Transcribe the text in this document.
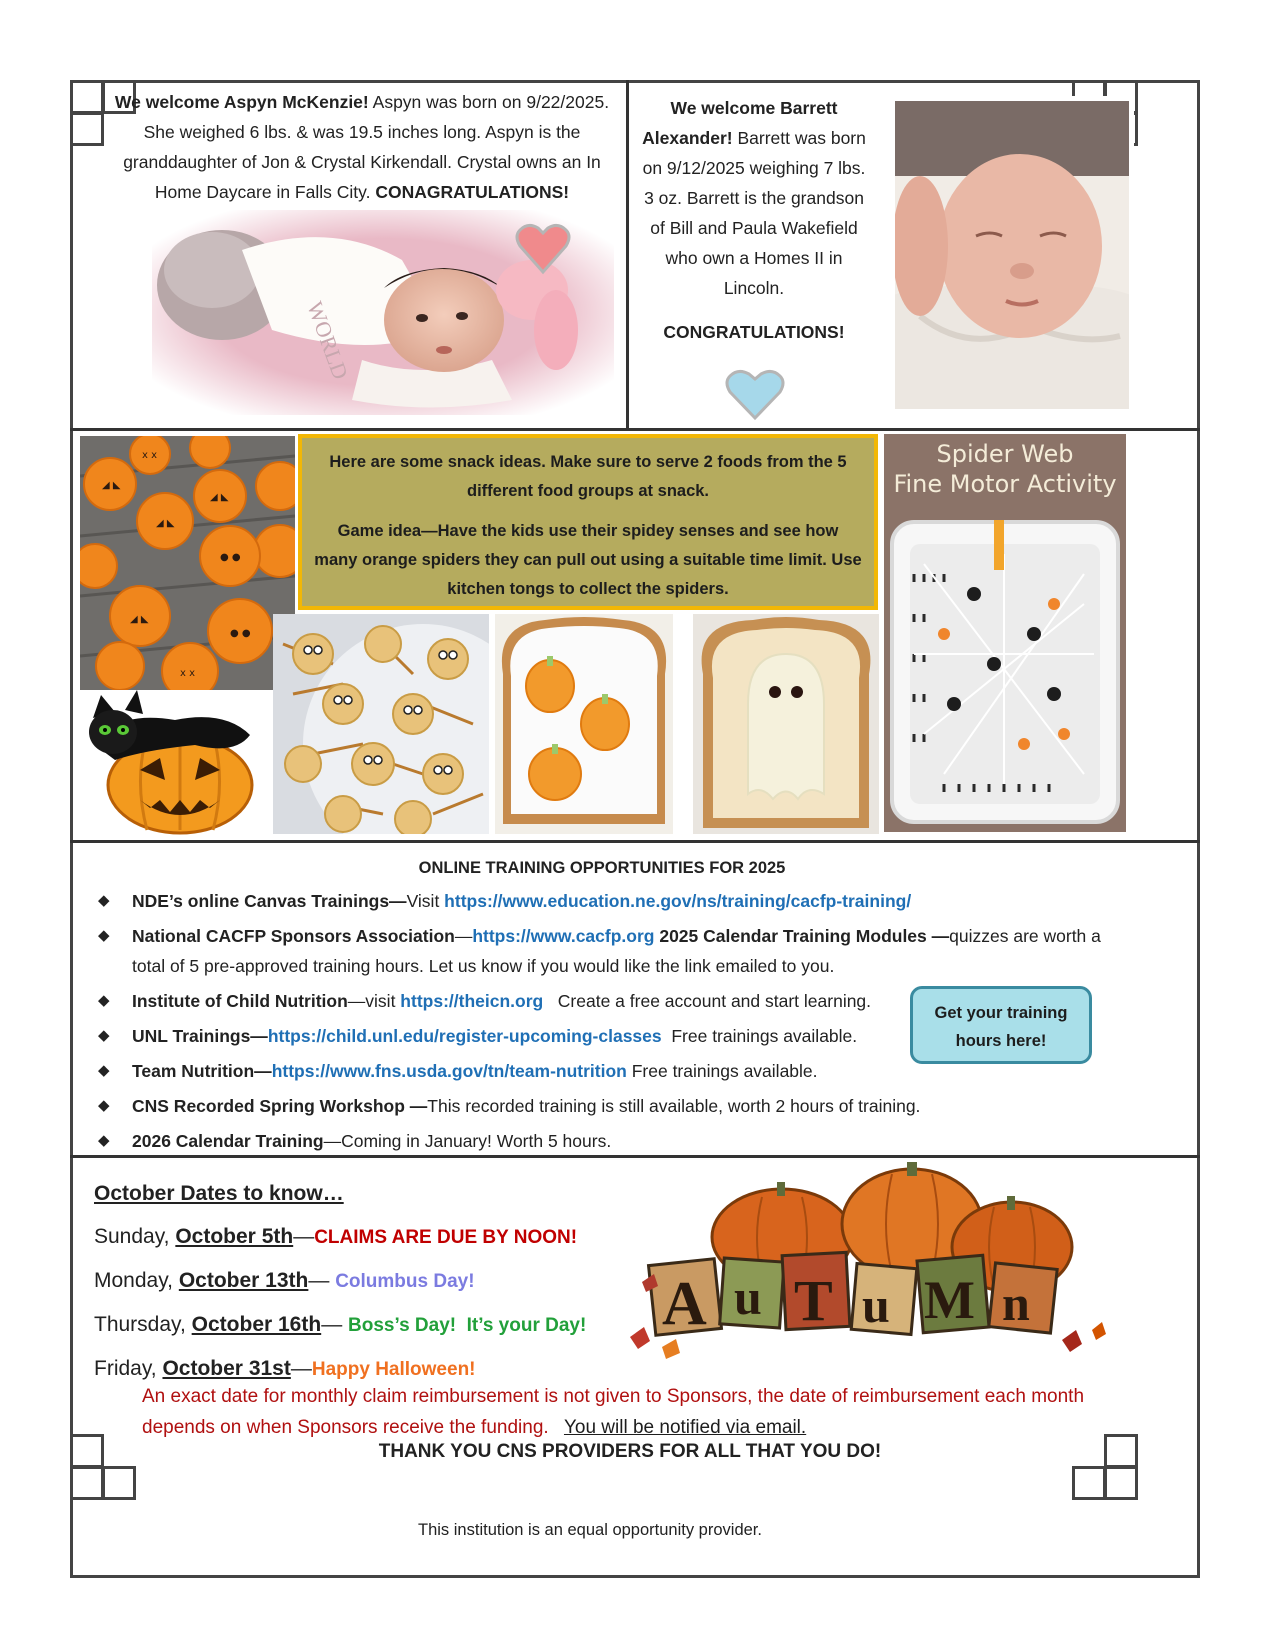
We welcome Aspyn McKenzie! Aspyn was born on 9/22/2025. She weighed 6 lbs. & was 19.5 inches long. Aspyn is the granddaughter of Jon & Crystal Kirkendall. Crystal owns an In Home Daycare in Falls City. CONAGRATULATIONS!
WORLD
We welcome Barrett Alexander! Barrett was born on 9/12/2025 weighing 7 lbs. 3 oz. Barrett is the grandson of Bill and Paula Wakefield who own a Homes II in Lincoln.
CONGRATULATIONS!
x x
◢ ◣
◢ ◣
◢ ◣
● ●
◢ ◣
● ●
x x
Here are some snack ideas. Make sure to serve 2 foods from the 5 different food groups at snack.
Game idea—Have the kids use their spidey senses and see how many orange spiders they can pull out using a suitable time limit. Use kitchen tongs to collect the spiders.
Spider Web
Fine Motor Activity
ONLINE TRAINING OPPORTUNITIES FOR 2025
◆ NDE’s online Canvas Trainings—Visit https://www.education.ne.gov/ns/training/cacfp-training/
◆ National CACFP Sponsors Association—https://www.cacfp.org 2025 Calendar Training Modules —quizzes are worth a total of 5 pre-approved training hours. Let us know if you would like the link emailed to you.
◆ Institute of Child Nutrition—visit https://theicn.org   Create a free account and start learning.
◆ UNL Trainings—https://child.unl.edu/register-upcoming-classes  Free trainings available.
◆ Team Nutrition—https://www.fns.usda.gov/tn/team-nutrition Free trainings available.
◆ CNS Recorded Spring Workshop —This recorded training is still available, worth 2 hours of training.
◆ 2026 Calendar Training—Coming in January! Worth 5 hours.
Get your training hours here!
October Dates to know…
Sunday, October 5th—CLAIMS ARE DUE BY NOON!
Monday, October 13th— Columbus Day!
Thursday, October 16th— Boss’s Day!  It’s your Day!
Friday, October 31st—Happy Halloween!
A u T u M n
An exact date for monthly claim reimbursement is not given to Sponsors, the date of reimbursement each month depends on when Sponsors receive the funding. You will be notified via email.
THANK YOU CNS PROVIDERS FOR ALL THAT YOU DO!
This institution is an equal opportunity provider.
